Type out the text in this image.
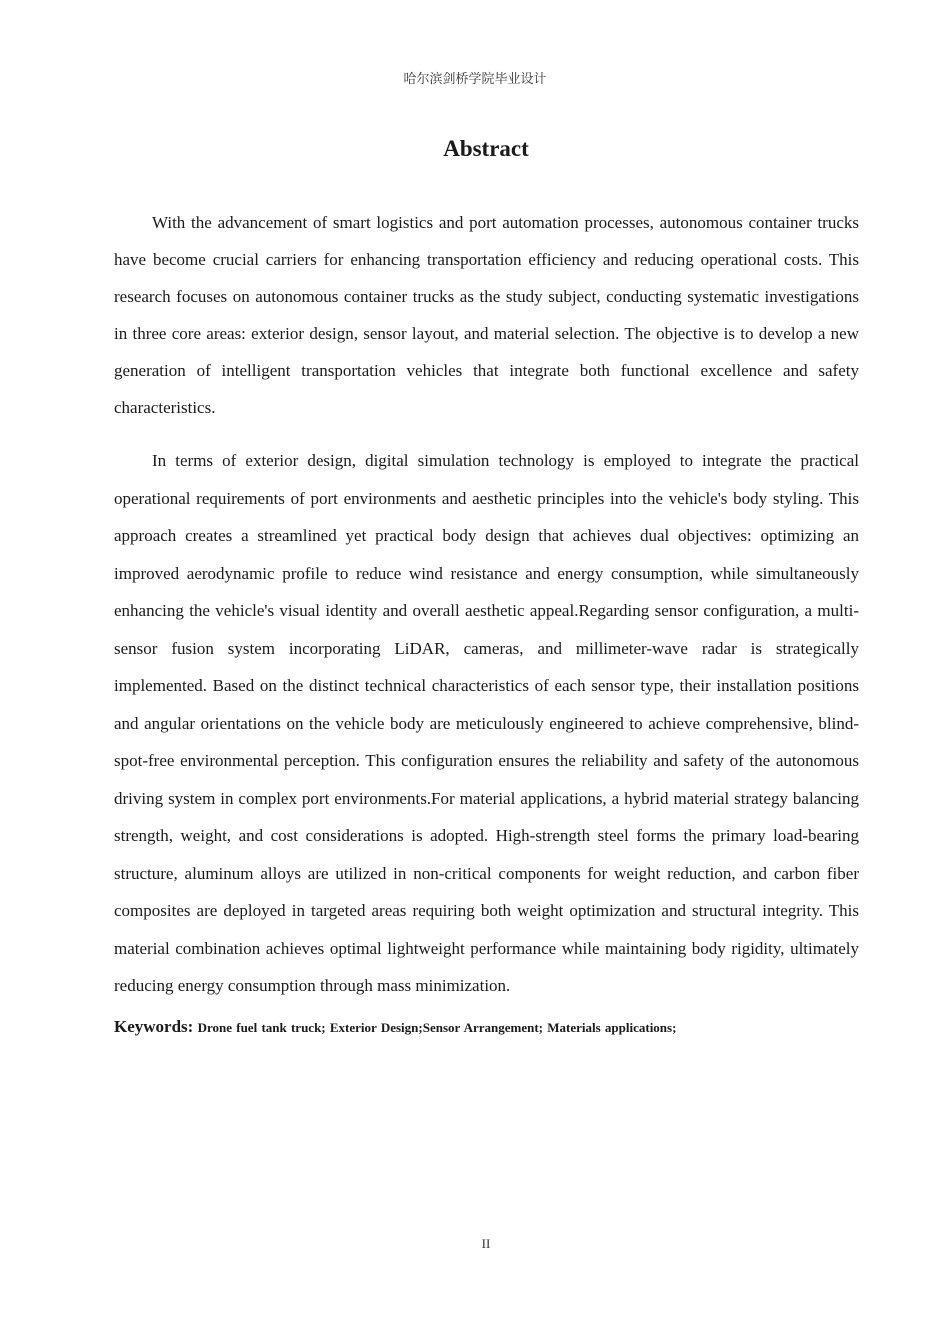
哈尔滨剑桥学院毕业设计
Abstract

With the advancement of smart logistics and port automation processes, autonomous container trucks have become crucial carriers for enhancing transportation efficiency and reducing operational costs. This research focuses on autonomous container trucks as the study subject, conducting systematic investigations in three core areas: exterior design, sensor layout, and material selection. The objective is to develop a new generation of intelligent transportation vehicles that integrate both functional excellence and safety characteristics.

In terms of exterior design, digital simulation technology is employed to integrate the practical operational requirements of port environments and aesthetic principles into the vehicle's body styling. This approach creates a streamlined yet practical body design that achieves dual objectives: optimizing an improved aerodynamic profile to reduce wind resistance and energy consumption, while simultaneously enhancing the vehicle's visual identity and overall aesthetic appeal.Regarding sensor configuration, a multi-sensor fusion system incorporating LiDAR, cameras, and millimeter-wave radar is strategically implemented. Based on the distinct technical characteristics of each sensor type, their installation positions and angular orientations on the vehicle body are meticulously engineered to achieve comprehensive, blind-spot-free environmental perception. This configuration ensures the reliability and safety of the autonomous driving system in complex port environments.For material applications, a hybrid material strategy balancing strength, weight, and cost considerations is adopted. High-strength steel forms the primary load-bearing structure, aluminum alloys are utilized in non-critical components for weight reduction, and carbon fiber composites are deployed in targeted areas requiring both weight optimization and structural integrity. This material combination achieves optimal lightweight performance while maintaining body rigidity, ultimately reducing energy consumption through mass minimization.

Keywords: Drone fuel tank truck; Exterior Design;Sensor Arrangement; Materials applications;
II
